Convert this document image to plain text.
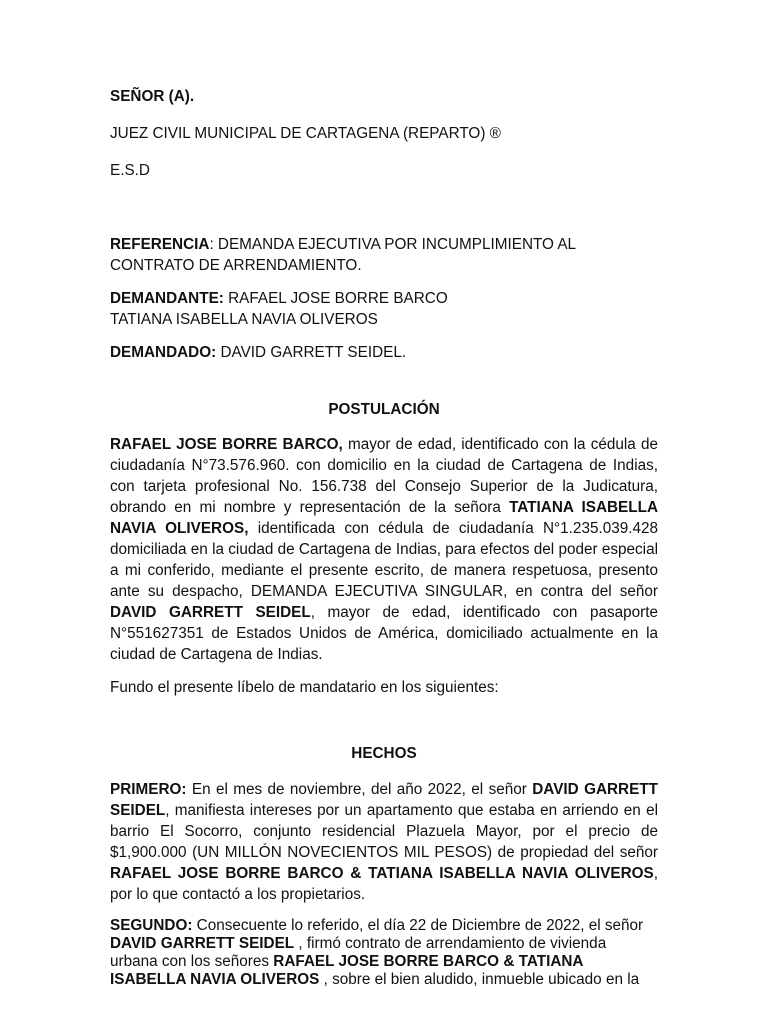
SEÑOR (A).

JUEZ CIVIL MUNICIPAL DE CARTAGENA (REPARTO) ®

E.S.D

REFERENCIA: DEMANDA EJECUTIVA POR INCUMPLIMIENTO AL CONTRATO DE ARRENDAMIENTO.

DEMANDANTE: RAFAEL JOSE BORRE BARCO
TATIANA ISABELLA NAVIA OLIVEROS

DEMANDADO: DAVID GARRETT SEIDEL.

POSTULACIÓN

RAFAEL JOSE BORRE BARCO, mayor de edad, identificado con la cédula de ciudadanía N°73.576.960. con domicilio en la ciudad de Cartagena de Indias, con tarjeta profesional No. 156.738 del Consejo Superior de la Judicatura, obrando en mi nombre y representación de la señora TATIANA ISABELLA NAVIA OLIVEROS, identificada con cédula de ciudadanía N°1.235.039.428 domiciliada en la ciudad de Cartagena de Indias, para efectos del poder especial a mi conferido, mediante el presente escrito, de manera respetuosa, presento ante su despacho, DEMANDA EJECUTIVA SINGULAR, en contra del señor DAVID GARRETT SEIDEL, mayor de edad, identificado con pasaporte N°551627351 de Estados Unidos de América, domiciliado actualmente en la ciudad de Cartagena de Indias.

Fundo el presente líbelo de mandatario en los siguientes:

HECHOS

PRIMERO: En el mes de noviembre, del año 2022, el señor DAVID GARRETT SEIDEL, manifiesta intereses por un apartamento que estaba en arriendo en el barrio El Socorro, conjunto residencial Plazuela Mayor, por el precio de $1,900.000 (UN MILLÓN NOVECIENTOS MIL PESOS) de propiedad del señor RAFAEL JOSE BORRE BARCO & TATIANA ISABELLA NAVIA OLIVEROS, por lo que contactó a los propietarios.

SEGUNDO: Consecuente lo referido, el día 22 de Diciembre de 2022, el señor DAVID GARRETT SEIDEL , firmó contrato de arrendamiento de vivienda urbana con los señores RAFAEL JOSE BORRE BARCO & TATIANA ISABELLA NAVIA OLIVEROS , sobre el bien aludido, inmueble ubicado en la
